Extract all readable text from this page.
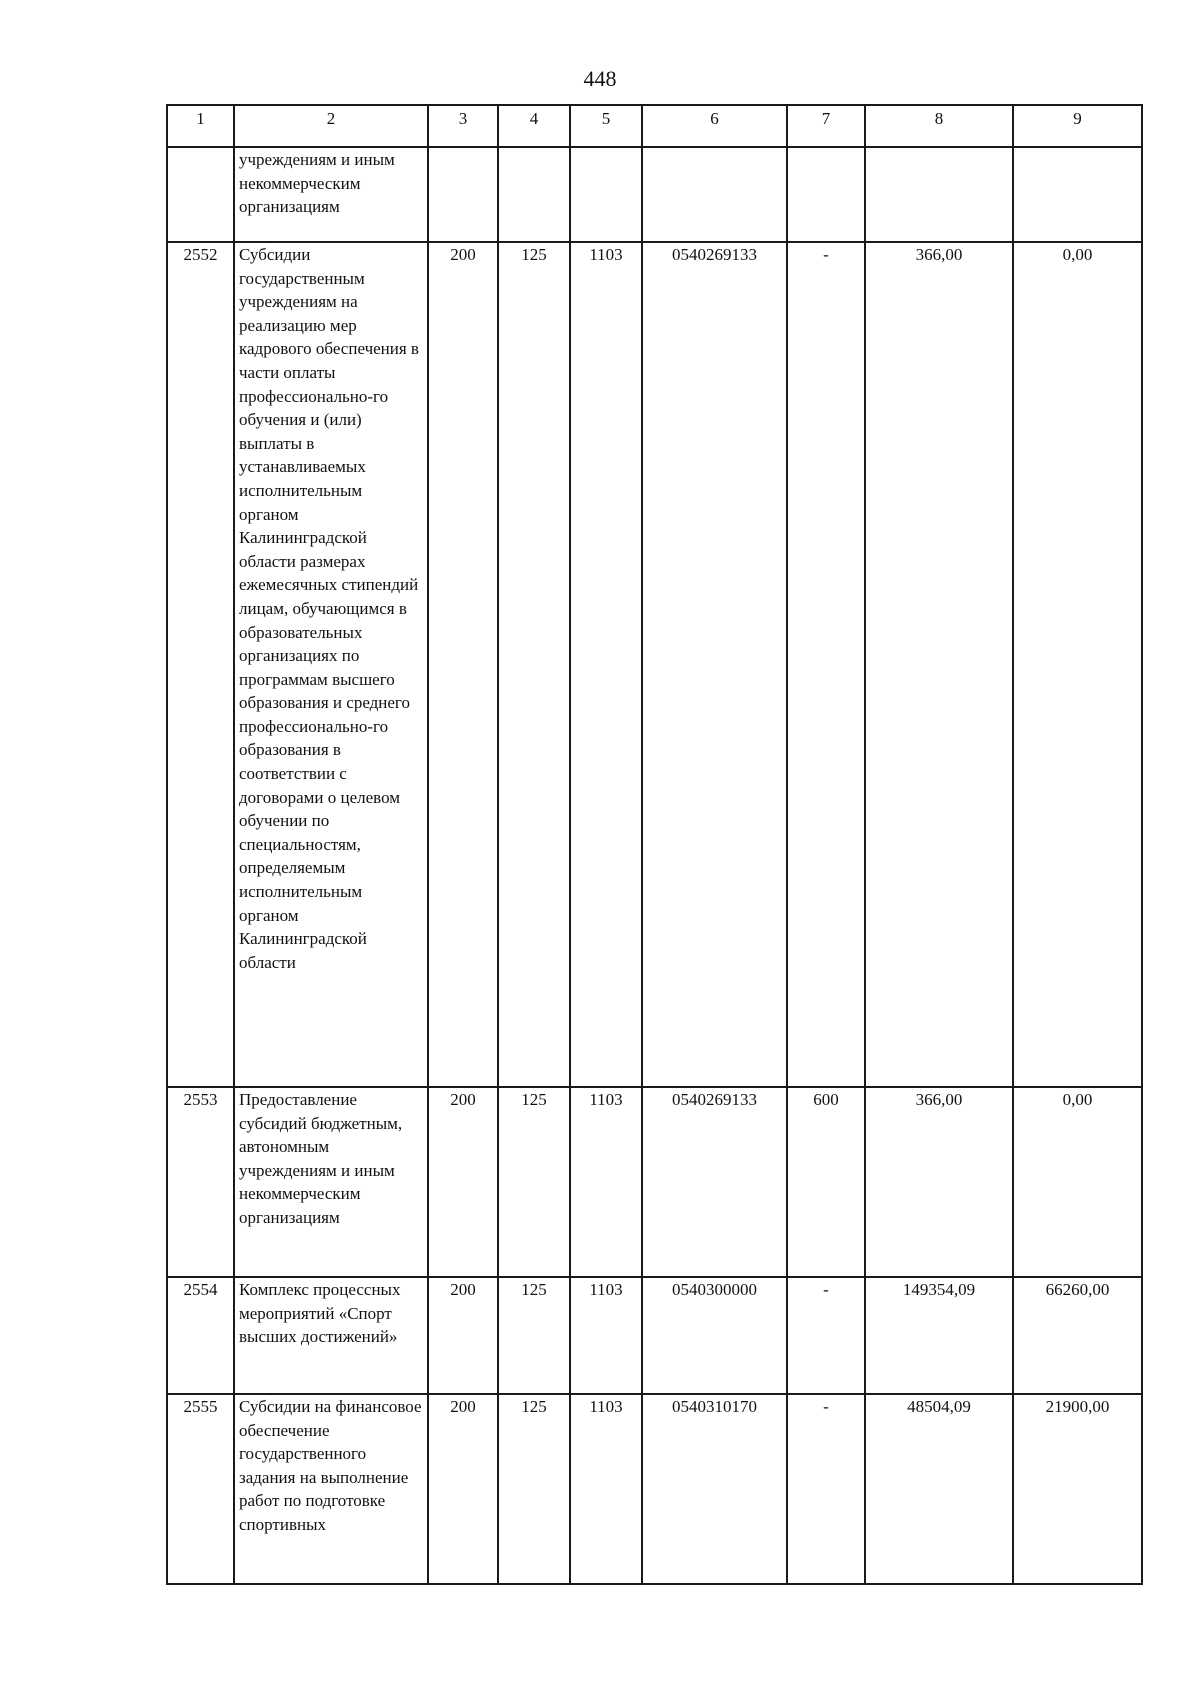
448
1	2	3	4	5	6	7	8	9
	учреждениям и иным некоммерческим организациям							
2552	Субсидии государственным учреждениям на реализацию мер кадрового обеспечения в части оплаты профессионально-го обучения и (или) выплаты в устанавливаемых исполнительным органом Калининградской области размерах ежемесячных стипендий лицам, обучающимся в образовательных организациях по программам высшего образования и среднего профессионально-го образования в соответствии с договорами о целевом обучении по специальностям, определяемым исполнительным органом Калининградской области	200	125	1103	0540269133	-	366,00	0,00
2553	Предоставление субсидий бюджетным, автономным учреждениям и иным некоммерческим организациям	200	125	1103	0540269133	600	366,00	0,00
2554	Комплекс процессных мероприятий «Спорт высших достижений»	200	125	1103	0540300000	-	149354,09	66260,00
2555	Субсидии на финансовое обеспечение государственного задания на выполнение работ по подготовке спортивных	200	125	1103	0540310170	-	48504,09	21900,00
